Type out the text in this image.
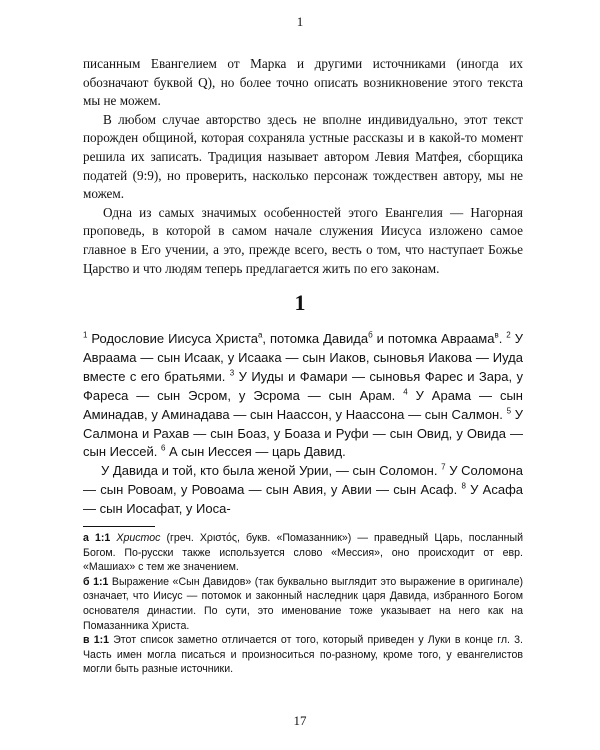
1

писанным Евангелием от Марка и другими источниками (иногда их обозначают буквой Q), но более точно описать возникновение этого текста мы не можем.

В любом случае авторство здесь не вполне индивидуально, этот текст порожден общиной, которая сохраняла устные рассказы и в какой-то момент решила их записать. Традиция называет автором Левия Матфея, сборщика податей (9:9), но проверить, насколько персонаж тождествен автору, мы не можем.

Одна из самых значимых особенностей этого Евангелия — Нагорная проповедь, в которой в самом начале служения Иисуса изложено самое главное в Его учении, а это, прежде всего, весть о том, что наступает Божье Царство и что людям теперь предлагается жить по его законам.

1

$^1$ Родословие Иисуса Христа$^а$, потомка Давида$^б$ и потомка Авраама$^в$. $^2$ У Авраама — сын Исаак, у Исаака — сын Иаков, сыновья Иакова — Иуда вместе с его братьями. $^3$ У Иуды и Фамари — сыновья Фарес и Зара, у Фареса — сын Эсром, у Эсрома — сын Арам. $^4$ У Арама — сын Аминадав, у Аминадава — сын Наассон, у Наассона — сын Салмон. $^5$ У Салмона и Рахав — сын Боаз, у Боаза и Руфи — сын Овид, у Овида — сын Иессей. $^6$ А сын Иессея — царь Давид.

У Давида и той, кто была женой Урии, — сын Соломон. $^7$ У Соломона — сын Ровоам, у Ровоама — сын Авия, у Авии — сын Асаф. $^8$ У Асафа — сын Иосафат, у Иоса-

а 1:1 Христос (греч. Χριστός, букв. «Помазанник») — праведный Царь, посланный Богом. По-русски также используется слово «Мессия», оно происходит от евр. «Машиах» с тем же значением.

б 1:1 Выражение «Сын Давидов» (так буквально выглядит это выражение в оригинале) означает, что Иисус — потомок и законный наследник царя Давида, избранного Богом основателя династии. По сути, это именование тоже указывает на него как на Помазанника Христа.

в 1:1 Этот список заметно отличается от того, который приведен у Луки в конце гл. 3. Часть имен могла писаться и произноситься по-разному, кроме того, у евангелистов могли быть разные источники.

17
